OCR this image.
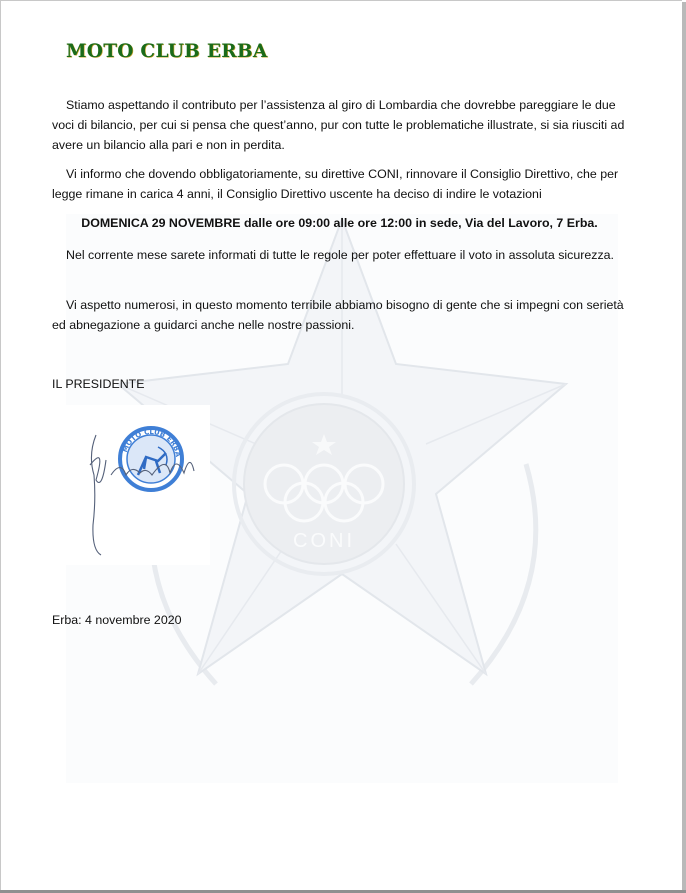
CONI
MOTO CLUB ERBA

Stiamo aspettando il contributo per l’assistenza al giro di Lombardia che dovrebbe pareggiare le due voci di bilancio, per cui si pensa che quest’anno, pur con tutte le problematiche illustrate, si sia riusciti ad avere un bilancio alla pari e non in perdita.

Vi informo che dovendo obbligatoriamente, su direttive CONI, rinnovare il Consiglio Direttivo, che per legge rimane in carica 4 anni, il Consiglio Direttivo uscente ha deciso di indire le votazioni

DOMENICA 29 NOVEMBRE dalle ore 09:00 alle ore 12:00 in sede, Via del Lavoro, 7 Erba.

Nel corrente mese sarete informati di tutte le regole per poter effettuare il voto in assoluta sicurezza.

Vi aspetto numerosi, in questo momento terribile abbiamo bisogno di gente che si impegni con serietà ed abnegazione a guidarci anche nelle nostre passioni.

IL PRESIDENTE

MOTO CLUB ERBA

Erba: 4 novembre 2020
